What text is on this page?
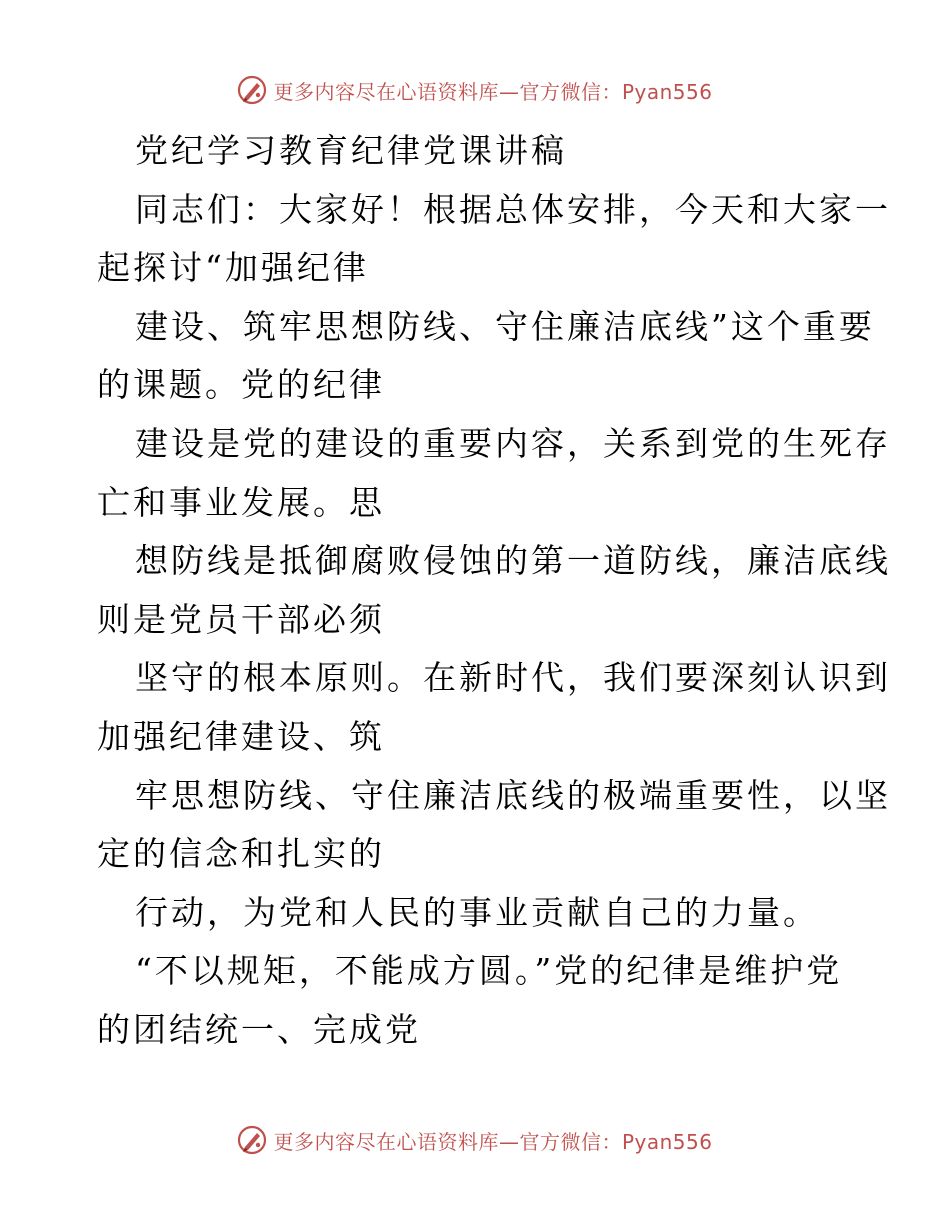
更多内容尽在心语资料库—官方微信：Pyan556
党纪学习教育纪律党课讲稿
同志们：大家好！根据总体安排，今天和大家一
起探讨“加强纪律
建设、筑牢思想防线、守住廉洁底线”这个重要
的课题。党的纪律
建设是党的建设的重要内容，关系到党的生死存
亡和事业发展。思
想防线是抵御腐败侵蚀的第一道防线，廉洁底线
则是党员干部必须
坚守的根本原则。在新时代，我们要深刻认识到
加强纪律建设、筑
牢思想防线、守住廉洁底线的极端重要性，以坚
定的信念和扎实的
行动，为党和人民的事业贡献自己的力量。
“不以规矩，不能成方圆。”党的纪律是维护党
的团结统一、完成党
更多内容尽在心语资料库—官方微信：Pyan556
